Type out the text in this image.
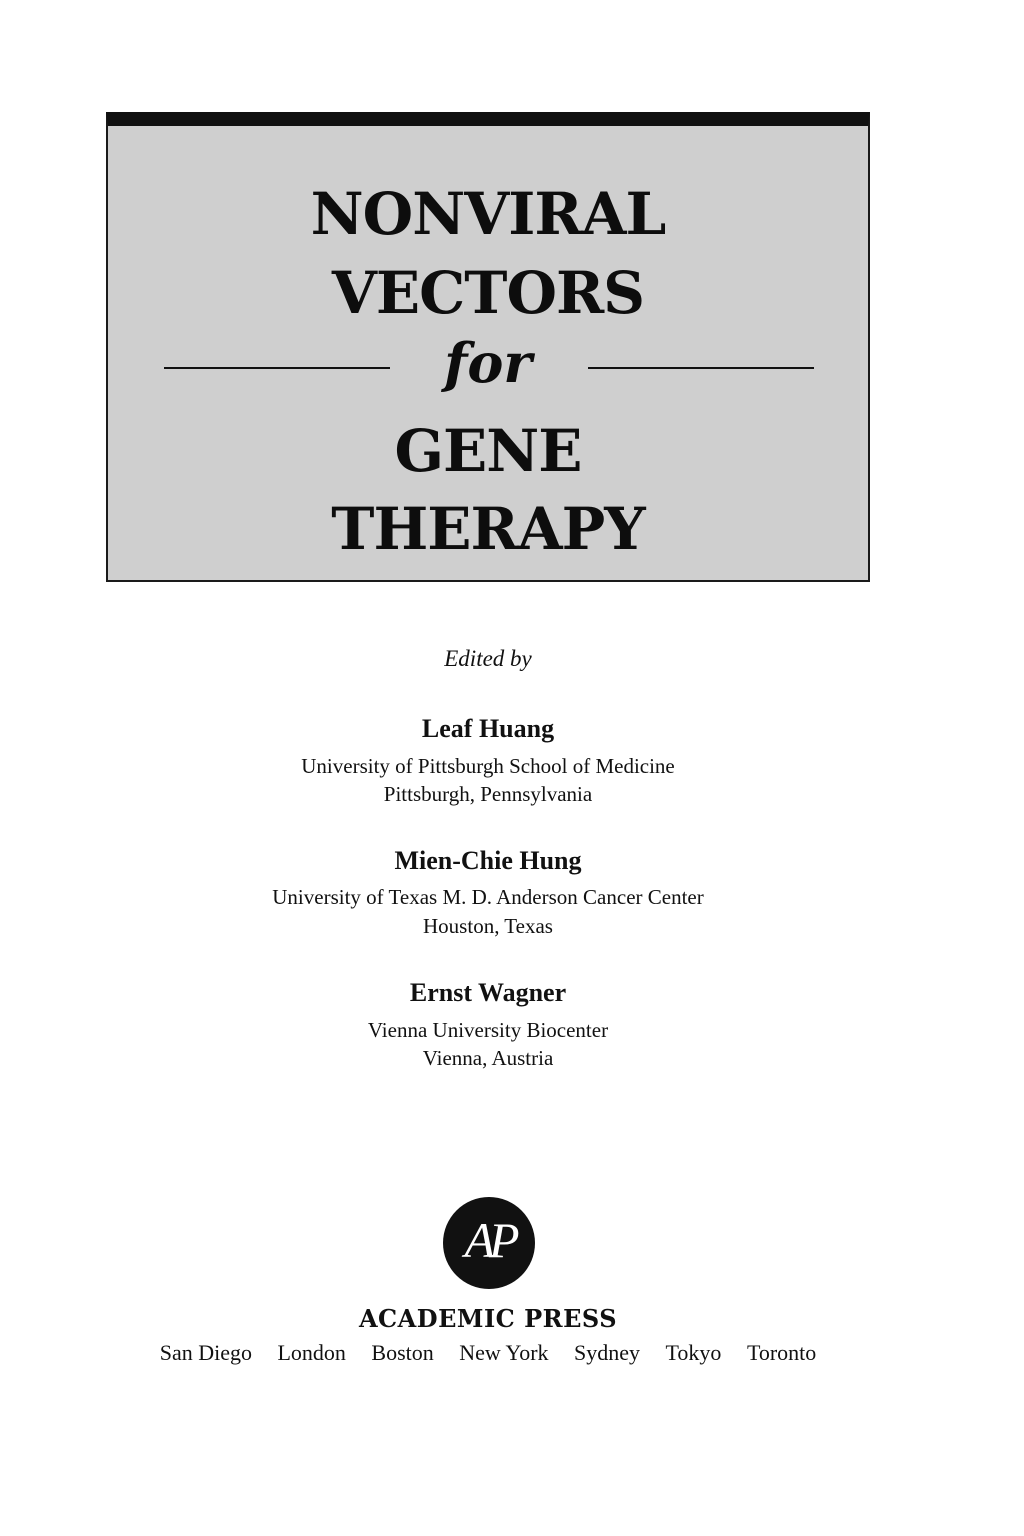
NONVIRAL
VECTORS
for
GENE
THERAPY
Edited by
Leaf Huang
University of Pittsburgh School of Medicine
Pittsburgh, Pennsylvania
Mien-Chie Hung
University of Texas M. D. Anderson Cancer Center
Houston, Texas
Ernst Wagner
Vienna University Biocenter
Vienna, Austria
AP
ACADEMIC PRESS
San Diego London Boston New York Sydney Tokyo Toronto
